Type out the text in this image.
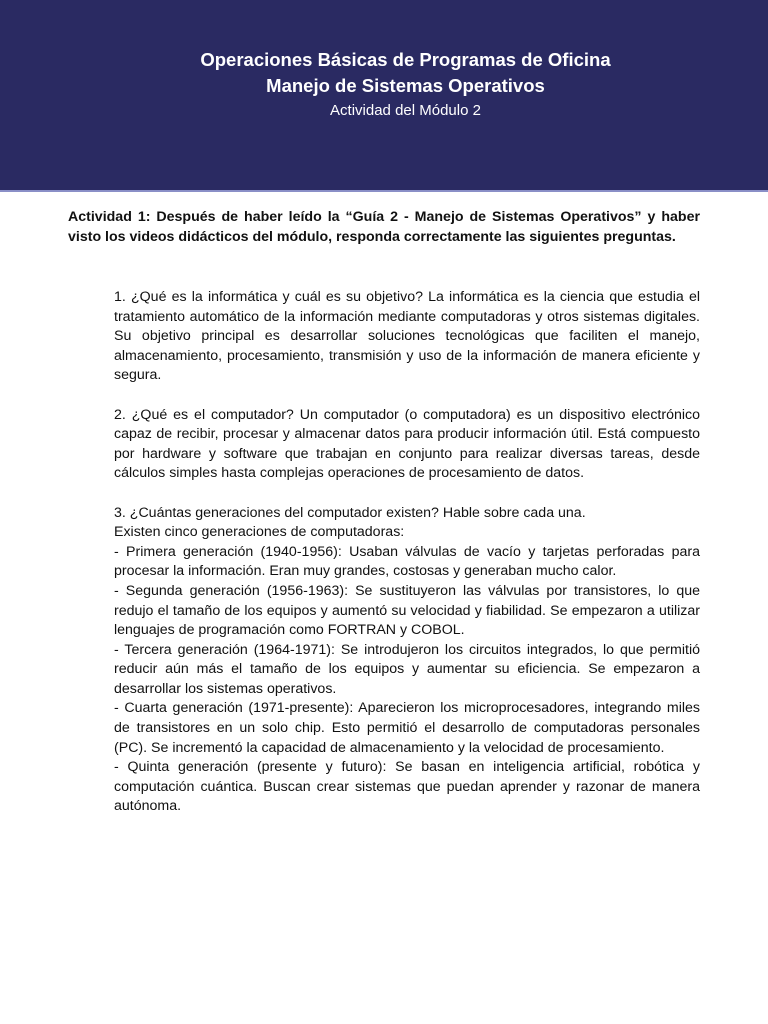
Operaciones Básicas de Programas de Oficina
Manejo de Sistemas Operativos
Actividad del Módulo 2

Actividad 1: Después de haber leído la “Guía 2 - Manejo de Sistemas Operativos” y haber visto los videos didácticos del módulo, responda correctamente las siguientes preguntas.

1. ¿Qué es la informática y cuál es su objetivo? La informática es la ciencia que estudia el tratamiento automático de la información mediante computadoras y otros sistemas digitales. Su objetivo principal es desarrollar soluciones tecnológicas que faciliten el manejo, almacenamiento, procesamiento, transmisión y uso de la información de manera eficiente y segura.

2. ¿Qué es el computador? Un computador (o computadora) es un dispositivo electrónico capaz de recibir, procesar y almacenar datos para producir información útil. Está compuesto por hardware y software que trabajan en conjunto para realizar diversas tareas, desde cálculos simples hasta complejas operaciones de procesamiento de datos.

3. ¿Cuántas generaciones del computador existen? Hable sobre cada una.

Existen cinco generaciones de computadoras:

- Primera generación (1940-1956): Usaban válvulas de vacío y tarjetas perforadas para procesar la información. Eran muy grandes, costosas y generaban mucho calor.

- Segunda generación (1956-1963): Se sustituyeron las válvulas por transistores, lo que redujo el tamaño de los equipos y aumentó su velocidad y fiabilidad. Se empezaron a utilizar lenguajes de programación como FORTRAN y COBOL.

- Tercera generación (1964-1971): Se introdujeron los circuitos integrados, lo que permitió reducir aún más el tamaño de los equipos y aumentar su eficiencia. Se empezaron a desarrollar los sistemas operativos.

- Cuarta generación (1971-presente): Aparecieron los microprocesadores, integrando miles de transistores en un solo chip. Esto permitió el desarrollo de computadoras personales (PC). Se incrementó la capacidad de almacenamiento y la velocidad de procesamiento.

- Quinta generación (presente y futuro): Se basan en inteligencia artificial, robótica y computación cuántica. Buscan crear sistemas que puedan aprender y razonar de manera autónoma.
